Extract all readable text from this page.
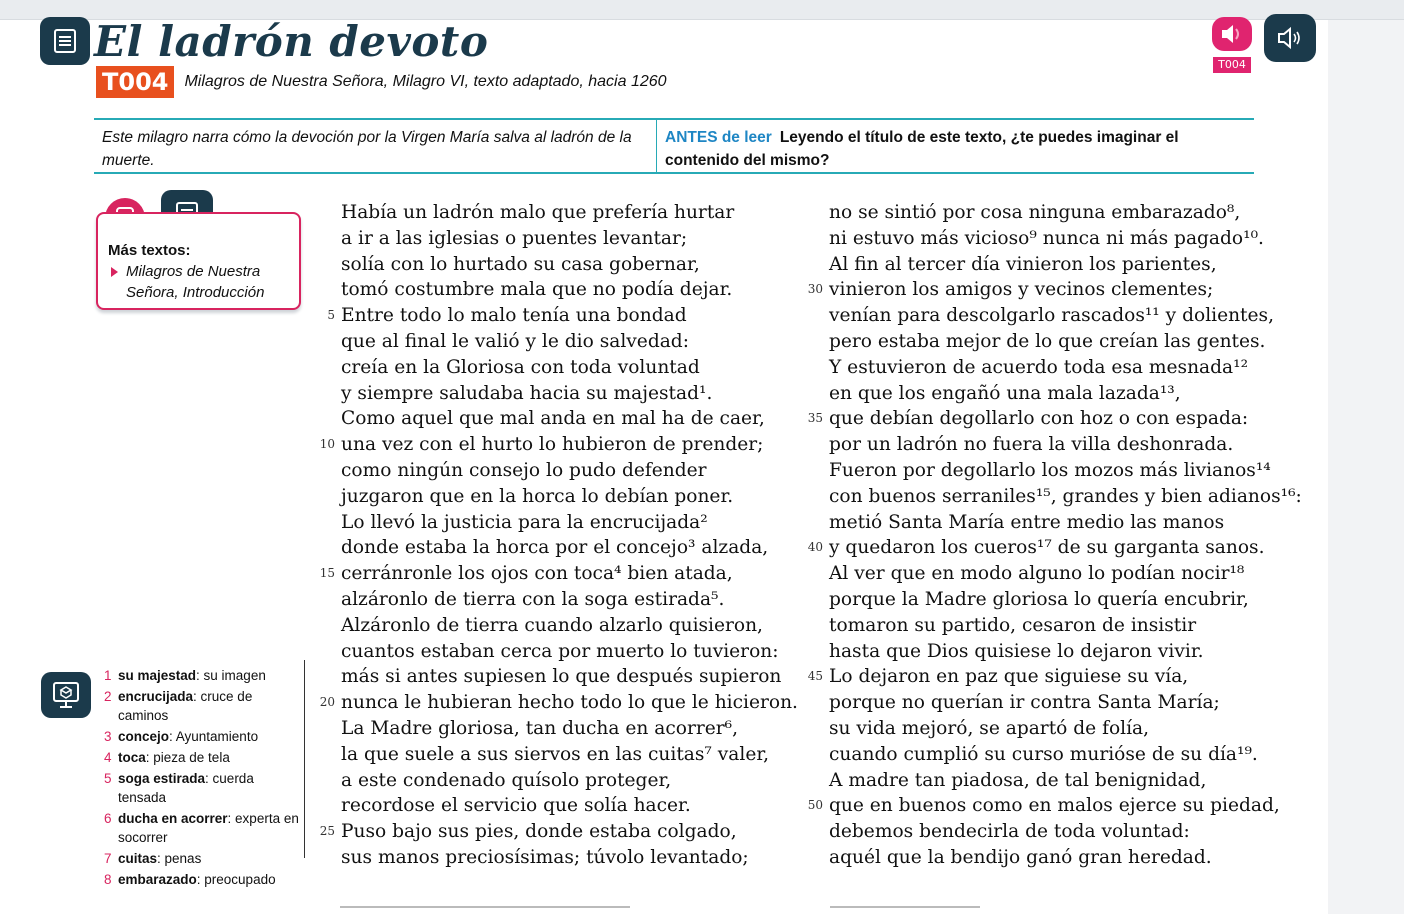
El ladrón devoto	T004
T004	Milagros de Nuestra Señora, Milagro VI, texto adaptado, hacia 1260
Este milagro narra cómo la devoción por la Virgen María salva al ladrón de la muerte.
ANTES de leer Leyendo el título de este texto, ¿te puedes imaginar el contenido del mismo?
Más textos:
Milagros de Nuestra Señora, Introducción
1 su majestad: su imagen
2 encrucijada: cruce de caminos
3 concejo: Ayuntamiento
4 toca: pieza de tela
5 soga estirada: cuerda tensada
6 ducha en acorrer: experta en socorrer
7 cuitas: penas
8 embarazado: preocupado
Había un ladrón malo que prefería hurtar
a ir a las iglesias o puentes levantar;
solía con lo hurtado su casa gobernar,
tomó costumbre mala que no podía dejar.
5 Entre todo lo malo tenía una bondad
que al final le valió y le dio salvedad:
creía en la Gloriosa con toda voluntad
y siempre saludaba hacia su majestad¹.
Como aquel que mal anda en mal ha de caer,
10 una vez con el hurto lo hubieron de prender;
como ningún consejo lo pudo defender
juzgaron que en la horca lo debían poner.
Lo llevó la justicia para la encrucijada²
donde estaba la horca por el concejo³ alzada,
15 cerránronle los ojos con toca⁴ bien atada,
alzáronlo de tierra con la soga estirada⁵.
Alzáronlo de tierra cuando alzarlo quisieron,
cuantos estaban cerca por muerto lo tuvieron:
más si antes supiesen lo que después supieron
20 nunca le hubieran hecho todo lo que le hicieron.
La Madre gloriosa, tan ducha en acorrer⁶,
la que suele a sus siervos en las cuitas⁷ valer,
a este condenado quísolo proteger,
recordose el servicio que solía hacer.
25 Puso bajo sus pies, donde estaba colgado,
sus manos preciosísimas; túvolo levantado;
no se sintió por cosa ninguna embarazado⁸,
ni estuvo más vicioso⁹ nunca ni más pagado¹⁰.
Al fin al tercer día vinieron los parientes,
30 vinieron los amigos y vecinos clementes;
venían para descolgarlo rascados¹¹ y dolientes,
pero estaba mejor de lo que creían las gentes.
Y estuvieron de acuerdo toda esa mesnada¹²
en que los engañó una mala lazada¹³,
35 que debían degollarlo con hoz o con espada:
por un ladrón no fuera la villa deshonrada.
Fueron por degollarlo los mozos más livianos¹⁴
con buenos serraniles¹⁵, grandes y bien adianos¹⁶:
metió Santa María entre medio las manos
40 y quedaron los cueros¹⁷ de su garganta sanos.
Al ver que en modo alguno lo podían nocir¹⁸
porque la Madre gloriosa lo quería encubrir,
tomaron su partido, cesaron de insistir
hasta que Dios quisiese lo dejaron vivir.
45 Lo dejaron en paz que siguiese su vía,
porque no querían ir contra Santa María;
su vida mejoró, se apartó de folía,
cuando cumplió su curso murióse de su día¹⁹.
A madre tan piadosa, de tal benignidad,
50 que en buenos como en malos ejerce su piedad,
debemos bendecirla de toda voluntad:
aquél que la bendijo ganó gran heredad.
